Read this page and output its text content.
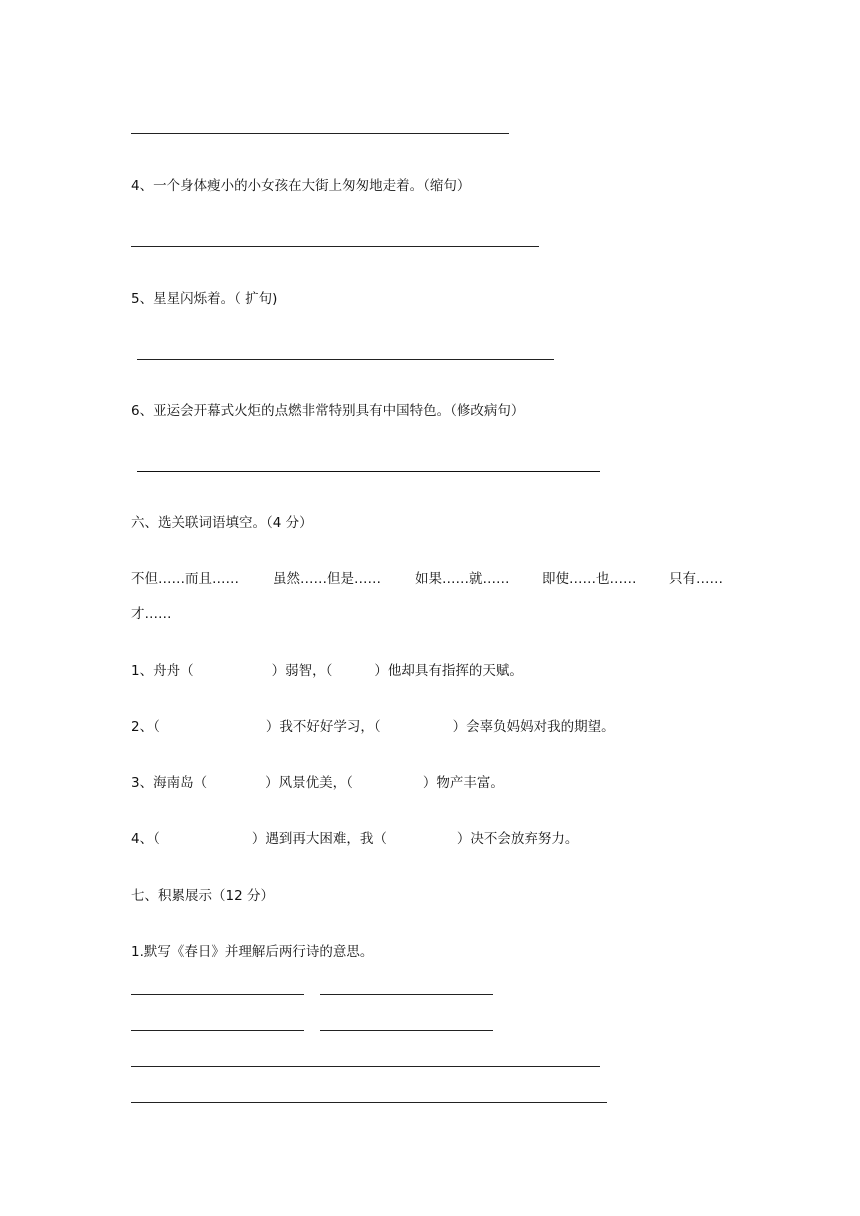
4、一个身体瘦小的小女孩在大街上匆匆地走着。（缩句）
5、星星闪烁着。（ 扩句)
6、亚运会开幕式火炬的点燃非常特别具有中国特色。（修改病句）
六、选关联词语填空。（4 分）
不但……而且……	虽然……但是……	如果……就…… 即使……也…… 只有……
才……
1、舟舟（	）弱智，（	）他却具有指挥的天赋。
2、（	）我不好好学习，（	）会辜负妈妈对我的期望。
3、海南岛（	）风景优美，（	）物产丰富。
4、（	）遇到再大困难，我（	）决不会放弃努力。
七、积累展示（12 分）
1.默写《春日》并理解后两行诗的意思。
